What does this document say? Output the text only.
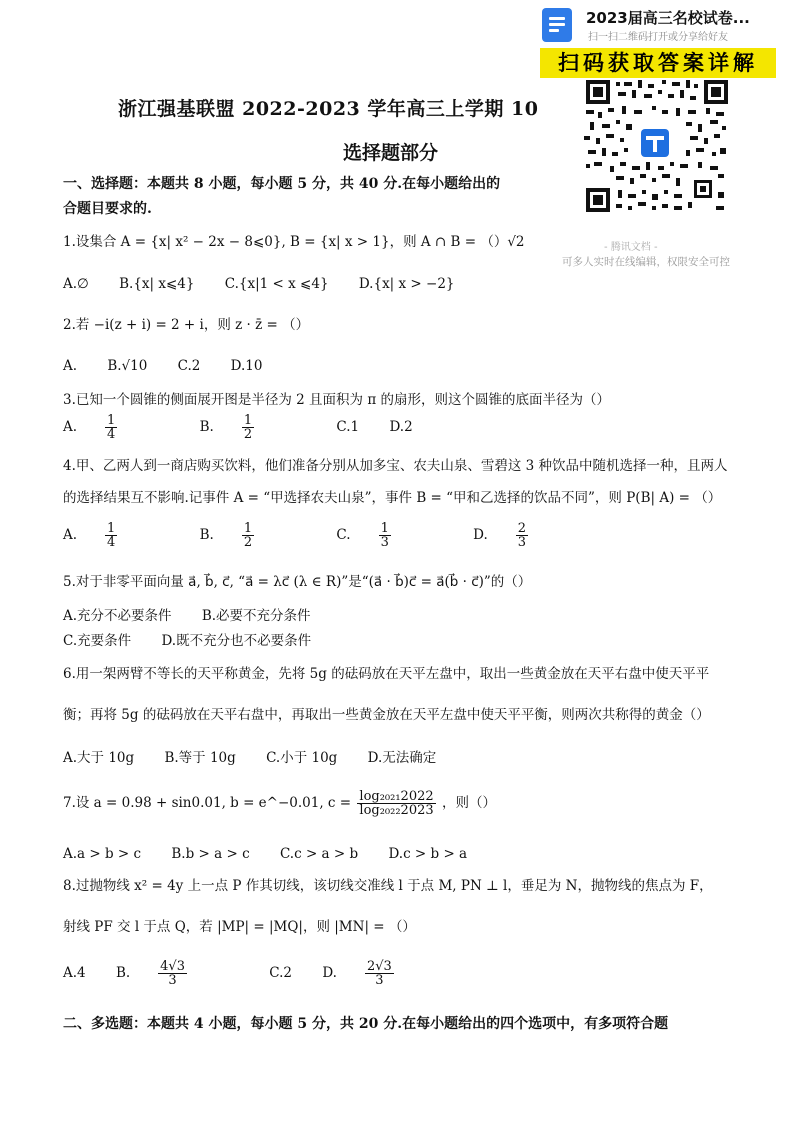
2023届高三名校试卷...
扫一扫二维码打开或分享给好友
扫码获取答案详解
- 腾讯文档 -
可多人实时在线编辑，权限安全可控
浙江强基联盟 2022-2023 学年高三上学期 10
选择题部分
一、选择题：本题共 8 小题，每小题 5 分，共 40 分.在每小题给出的
合题目要求的.
1.设集合 A = {x| x² − 2x − 8⩽0}, B = {x| x > 1}，则 A ∩ B = （）√2
A.∅ B.{x| x⩽4} C.{x|1 < x ⩽4} D.{x| x > −2}
2.若 −i(z + i) = 2 + i，则 z · z̄ = （）
A. B.√10 C.2 D.10
3.已知一个圆锥的侧面展开图是半径为 2 且面积为 π 的扇形，则这个圆锥的底面半径为（）
A. $\frac{1}{4}$	B. $\frac{1}{2}$	C.1 D.2
4.甲、乙两人到一商店购买饮料，他们准备分别从加多宝、农夫山泉、雪碧这 3 种饮品中随机选择一种，且两人
的选择结果互不影响.记事件 A = “甲选择农夫山泉”，事件 B = “甲和乙选择的饮品不同”，则 P(B| A) = （）
A. $\frac{1}{4}$	B. $\frac{1}{2}$	C. $\frac{1}{3}$	D. $\frac{2}{3}$
5.对于非零平面向量 a⃗, b⃗, c⃗, “a⃗ = λc⃗ (λ ∈ R)”是“(a⃗ · b⃗)c⃗ = a⃗(b⃗ · c⃗)”的（）
A.充分不必要条件 B.必要不充分条件
C.充要条件 D.既不充分也不必要条件
6.用一架两臂不等长的天平称黄金，先将 5g 的砝码放在天平左盘中，取出一些黄金放在天平右盘中使天平平
衡；再将 5g 的砝码放在天平右盘中，再取出一些黄金放在天平左盘中使天平平衡，则两次共称得的黄金（）
A.大于 10g B.等于 10g C.小于 10g D.无法确定
7.设 a = 0.98 + sin0.01, b = e^−0.01, $c = \frac{\text{log₂₀₂₁2022}}{\text{log₂₀₂₂2023}}$ ，则（）
A.a > b > c B.b > a > c C.c > a > b D.c > b > a
8.过抛物线 x² = 4y 上一点 P 作其切线，该切线交准线 l 于点 M, PN ⊥ l，垂足为 N，抛物线的焦点为 F，
射线 PF 交 l 于点 Q，若 |MP| = |MQ|，则 |MN| = （）
A.4 B. $\frac{4√3}{3}$	C.2 D. $\frac{2√3}{3}$
二、多选题：本题共 4 小题，每小题 5 分，共 20 分.在每小题给出的四个选项中，有多项符合题
